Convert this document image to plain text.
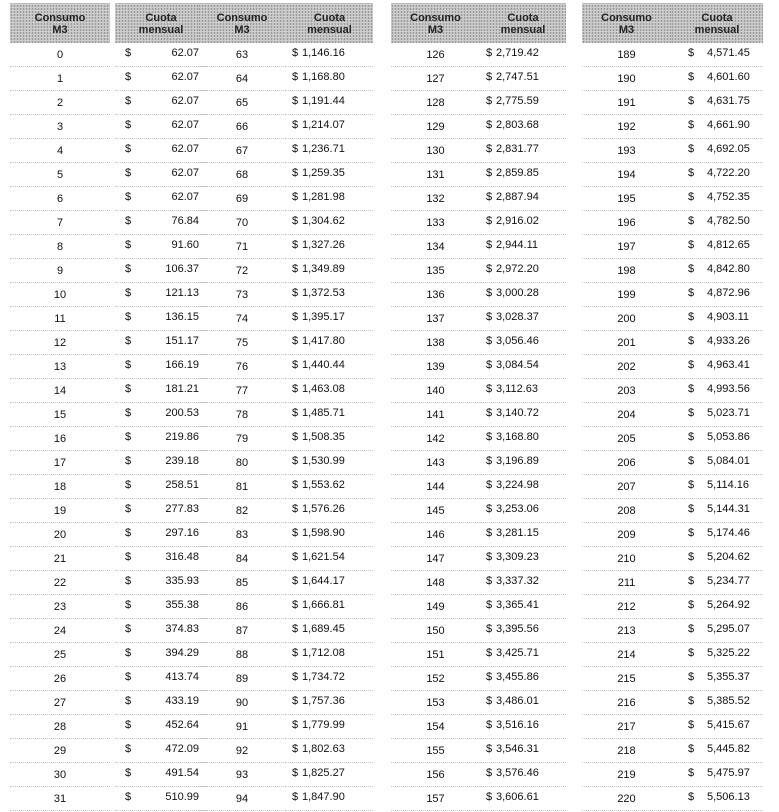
	Consumo
M3		Cuota
mensual
	0		$ 62.07

	1		$ 62.07

	2		$ 62.07

	3		$ 62.07

	4		$ 62.07

	5		$ 62.07

	6		$ 62.07

	7		$ 76.84

	8		$ 91.60

	9		$ 106.37

	10		$ 121.13

	11		$ 136.15

	12		$ 151.17

	13		$ 166.19

	14		$ 181.21

	15		$ 200.53

	16		$ 219.86

	17		$ 239.18

	18		$ 258.51

	19		$ 277.83

	20		$ 297.16

	21		$ 316.48

	22		$ 335.93

	23		$ 355.38

	24		$ 374.83

	25		$ 394.29

	26		$ 413.74

	27		$ 433.19

	28		$ 452.64

	29		$ 472.09

	30		$ 491.54

	31		$ 510.99
Consumo
M3	Cuota
mensual
63	$ 1,146.16

64	$ 1,168.80

65	$ 1,191.44

66	$ 1,214.07

67	$ 1,236.71

68	$ 1,259.35

69	$ 1,281.98

70	$ 1,304.62

71	$ 1,327.26

72	$ 1,349.89

73	$ 1,372.53

74	$ 1,395.17

75	$ 1,417.80

76	$ 1,440.44

77	$ 1,463.08

78	$ 1,485.71

79	$ 1,508.35

80	$ 1,530.99

81	$ 1,553.62

82	$ 1,576.26

83	$ 1,598.90

84	$ 1,621.54

85	$ 1,644.17

86	$ 1,666.81

87	$ 1,689.45

88	$ 1,712.08

89	$ 1,734.72

90	$ 1,757.36

91	$ 1,779.99

92	$ 1,802.63

93	$ 1,825.27

94	$ 1,847.90
Consumo
M3	Cuota
mensual
126	$ 2,719.42

127	$ 2,747.51

128	$ 2,775.59

129	$ 2,803.68

130	$ 2,831.77

131	$ 2,859.85

132	$ 2,887.94

133	$ 2,916.02

134	$ 2,944.11

135	$ 2,972.20

136	$ 3,000.28

137	$ 3,028.37

138	$ 3,056.46

139	$ 3,084.54

140	$ 3,112.63

141	$ 3,140.72

142	$ 3,168.80

143	$ 3,196.89

144	$ 3,224.98

145	$ 3,253.06

146	$ 3,281.15

147	$ 3,309.23

148	$ 3,337.32

149	$ 3,365.41

150	$ 3,395.56

151	$ 3,425.71

152	$ 3,455.86

153	$ 3,486.01

154	$ 3,516.16

155	$ 3,546.31

156	$ 3,576.46

157	$ 3,606.61
Consumo
M3	Cuota
mensual
189	$ 4,571.45

190	$ 4,601.60

191	$ 4,631.75

192	$ 4,661.90

193	$ 4,692.05

194	$ 4,722.20

195	$ 4,752.35

196	$ 4,782.50

197	$ 4,812.65

198	$ 4,842.80

199	$ 4,872.96

200	$ 4,903.11

201	$ 4,933.26

202	$ 4,963.41

203	$ 4,993.56

204	$ 5,023.71

205	$ 5,053.86

206	$ 5,084.01

207	$ 5,114.16

208	$ 5,144.31

209	$ 5,174.46

210	$ 5,204.62

211	$ 5,234.77

212	$ 5,264.92

213	$ 5,295.07

214	$ 5,325.22

215	$ 5,355.37

216	$ 5,385.52

217	$ 5,415.67

218	$ 5,445.82

219	$ 5,475.97

220	$ 5,506.13
